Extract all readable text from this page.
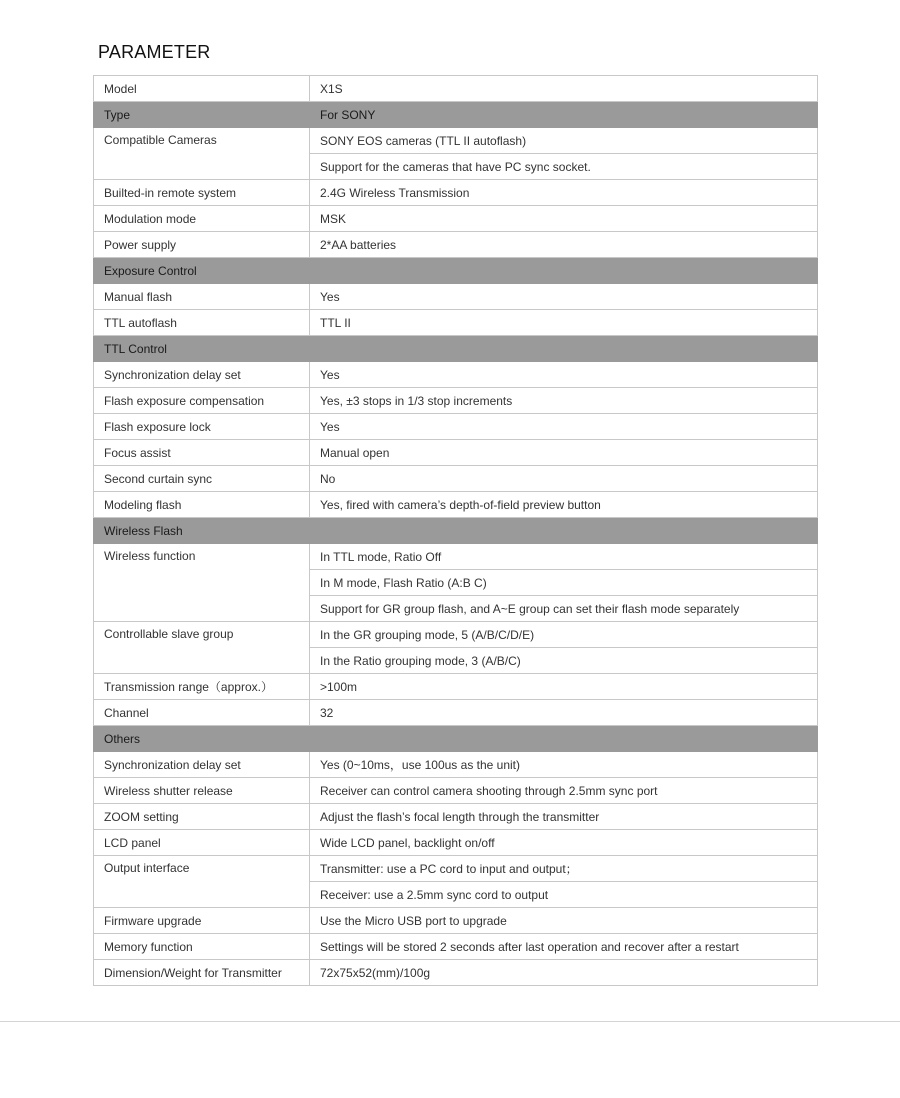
PARAMETER
Model	X1S
Type	For SONY
Compatible Cameras	SONY EOS cameras (TTL II autoflash)
	Support for the cameras that have PC sync socket.
Builted-in remote system	2.4G Wireless Transmission
Modulation mode	MSK
Power supply	2*AA batteries
Exposure Control	
Manual flash	Yes
TTL autoflash	TTL II
TTL Control	
Synchronization delay set	Yes
Flash exposure compensation	Yes, ±3 stops in 1/3 stop increments
Flash exposure lock	Yes
Focus assist	Manual open
Second curtain sync	No
Modeling flash	Yes, fired with camera’s depth-of-field preview button
Wireless Flash	
Wireless function	In TTL mode, Ratio Off
	In M mode, Flash Ratio (A:B C)
	Support for GR group flash, and A~E group can set their flash mode separately
Controllable slave group	In the GR grouping mode, 5 (A/B/C/D/E)
	In the Ratio grouping mode, 3 (A/B/C)
Transmission range（approx.）	>100m
Channel	32
Others	
Synchronization delay set	Yes (0~10ms，use 100us as the unit)
Wireless shutter release	Receiver can control camera shooting through 2.5mm sync port
ZOOM setting	Adjust the flash’s focal length through the transmitter
LCD panel	Wide LCD panel, backlight on/off
Output interface	Transmitter: use a PC cord to input and output；
	Receiver: use a 2.5mm sync cord to output
Firmware upgrade	Use the Micro USB port to upgrade
Memory function	Settings will be stored 2 seconds after last operation and recover after a restart
Dimension/Weight for Transmitter	72x75x52(mm)/100g
